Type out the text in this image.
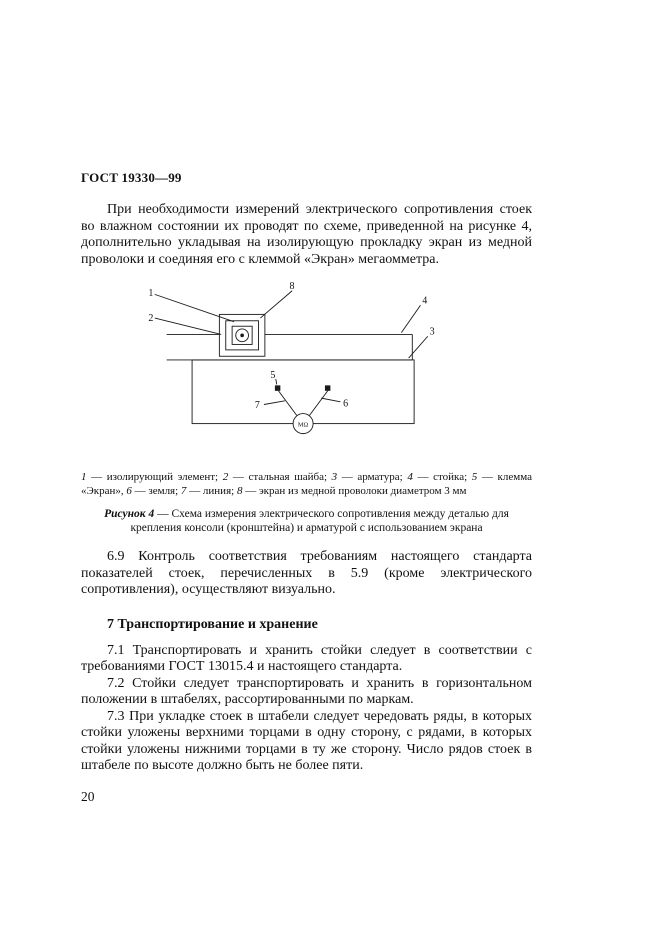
ГОСТ 19330—99

При необходимости измерений электрического сопротивления стоек во влажном состоянии их проводят по схеме, приведенной на рисунке 4, дополнительно укладывая на изолирующую прокладку экран из медной проволоки и соединяя его с клеммой «Экран» мегаомметра.

MΩ
1
2
8
4
3
5
7	6

1 — изолирующий элемент; 2 — стальная шайба; 3 — арматура; 4 — стойка; 5 — клемма «Экран», 6 — земля; 7 — линия; 8 — экран из медной проволоки диаметром 3 мм

Рисунок 4 — Схема измерения электрического сопротивления между деталью для крепления консоли (кронштейна) и арматурой с использованием экрана

6.9 Контроль соответствия требованиям настоящего стандарта показателей стоек, перечисленных в 5.9 (кроме электрического сопротивления), осуществляют визуально.

7 Транспортирование и хранение

7.1 Транспортировать и хранить стойки следует в соответствии с требованиями ГОСТ 13015.4 и настоящего стандарта.

7.2 Стойки следует транспортировать и хранить в горизонтальном положении в штабелях, рассортированными по маркам.

7.3 При укладке стоек в штабели следует чередовать ряды, в которых стойки уложены верхними торцами в одну сторону, с рядами, в которых стойки уложены нижними торцами в ту же сторону. Число рядов стоек в штабеле по высоте должно быть не более пяти.

20
